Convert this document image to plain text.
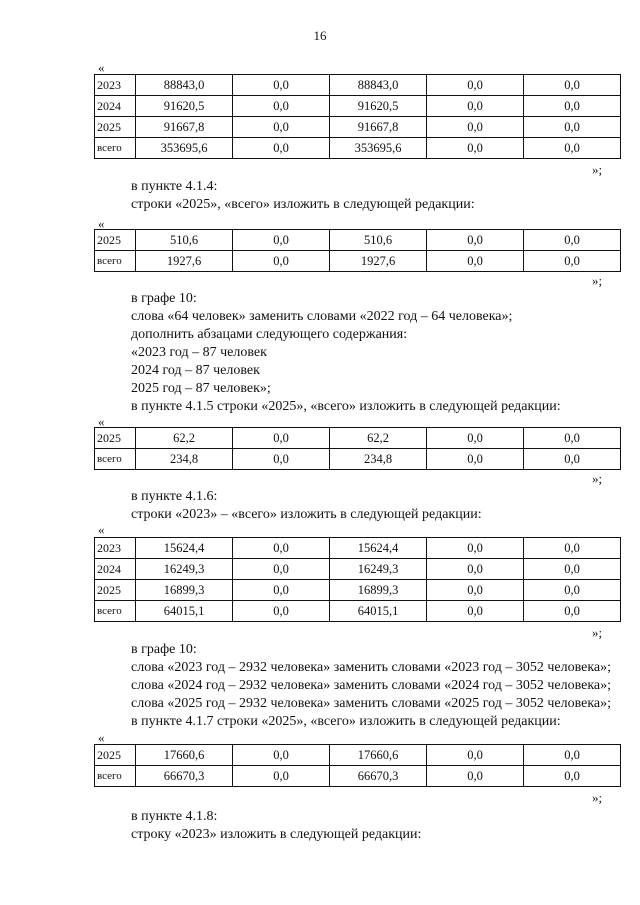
16
«
2023	88843,0	0,0	88843,0	0,0	0,0
2024	91620,5	0,0	91620,5	0,0	0,0
2025	91667,8	0,0	91667,8	0,0	0,0
всего	353695,6	0,0	353695,6	0,0	0,0
»;
в пункте 4.1.4:
строки «2025», «всего» изложить в следующей редакции:
«
2025	510,6	0,0	510,6	0,0	0,0
всего	1927,6	0,0	1927,6	0,0	0,0
»;
в графе 10:
слова «64 человек» заменить словами «2022 год – 64 человека»;
дополнить абзацами следующего содержания:
«2023 год – 87 человек
2024 год – 87 человек
2025 год – 87 человек»;
в пункте 4.1.5 строки «2025», «всего» изложить в следующей редакции:
«
2025	62,2	0,0	62,2	0,0	0,0
всего	234,8	0,0	234,8	0,0	0,0
»;
в пункте 4.1.6:
строки «2023» – «всего» изложить в следующей редакции:
«
2023	15624,4	0,0	15624,4	0,0	0,0
2024	16249,3	0,0	16249,3	0,0	0,0
2025	16899,3	0,0	16899,3	0,0	0,0
всего	64015,1	0,0	64015,1	0,0	0,0
»;
в графе 10:
слова «2023 год – 2932 человека» заменить словами «2023 год – 3052 человека»;
слова «2024 год – 2932 человека» заменить словами «2024 год – 3052 человека»;
слова «2025 год – 2932 человека» заменить словами «2025 год – 3052 человека»;
в пункте 4.1.7 строки «2025», «всего» изложить в следующей редакции:
«
2025	17660,6	0,0	17660,6	0,0	0,0
всего	66670,3	0,0	66670,3	0,0	0,0
»;
в пункте 4.1.8:
строку «2023» изложить в следующей редакции:
